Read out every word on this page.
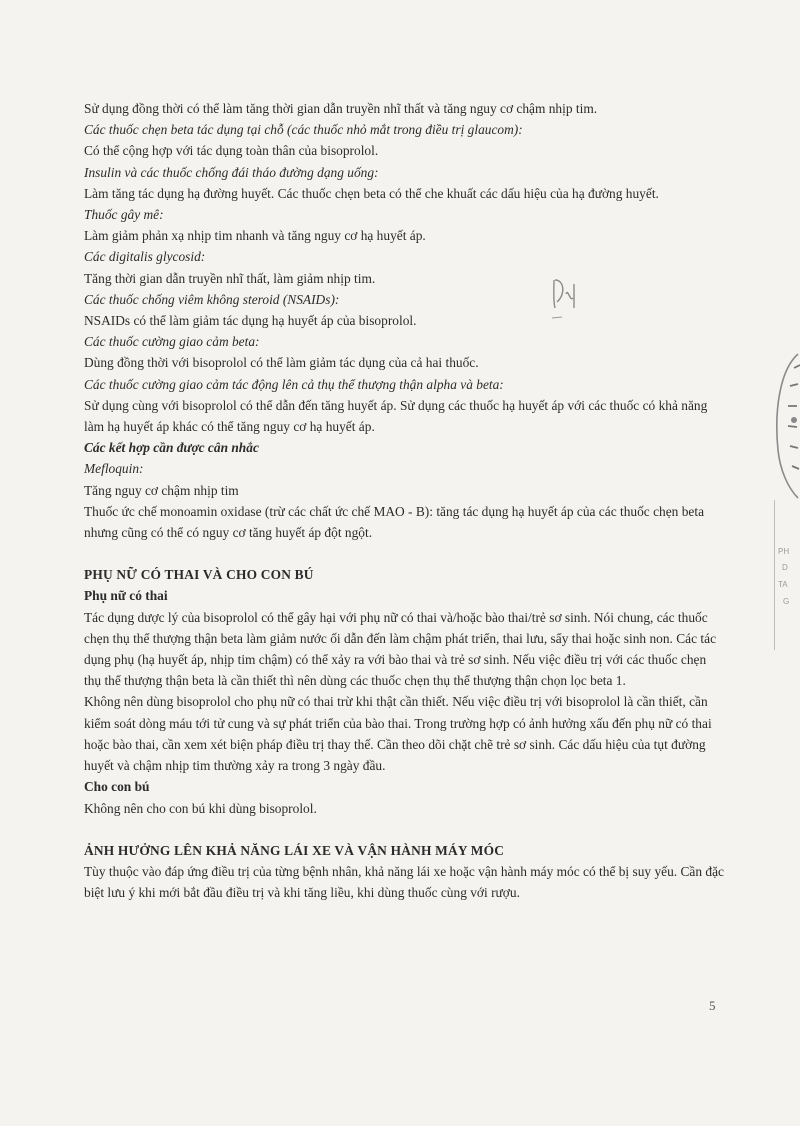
Sử dụng đồng thời có thể làm tăng thời gian dẫn truyền nhĩ thất và tăng nguy cơ chậm nhịp tim.

Các thuốc chẹn beta tác dụng tại chỗ (các thuốc nhỏ mắt trong điều trị glaucom):

Có thể cộng hợp với tác dụng toàn thân của bisoprolol.

Insulin và các thuốc chống đái tháo đường dạng uống:

Làm tăng tác dụng hạ đường huyết. Các thuốc chẹn beta có thể che khuất các dấu hiệu của hạ đường huyết.

Thuốc gây mê:

Làm giảm phản xạ nhịp tim nhanh và tăng nguy cơ hạ huyết áp.

Các digitalis glycosid:

Tăng thời gian dẫn truyền nhĩ thất, làm giảm nhịp tim.

Các thuốc chống viêm không steroid (NSAIDs):

NSAIDs có thể làm giảm tác dụng hạ huyết áp của bisoprolol.

Các thuốc cường giao cảm beta:

Dùng đồng thời với bisoprolol có thể làm giảm tác dụng của cả hai thuốc.

Các thuốc cường giao cảm tác động lên cả thụ thể thượng thận alpha và beta:

Sử dụng cùng với bisoprolol có thể dẫn đến tăng huyết áp. Sử dụng các thuốc hạ huyết áp với các thuốc có khả năng làm hạ huyết áp khác có thể tăng nguy cơ hạ huyết áp.

Các kết hợp cần được cân nhắc

Mefloquin:

Tăng nguy cơ chậm nhịp tim

Thuốc ức chế monoamin oxidase (trừ các chất ức chế MAO - B): tăng tác dụng hạ huyết áp của các thuốc chẹn beta nhưng cũng có thể có nguy cơ tăng huyết áp đột ngột.

PHỤ NỮ CÓ THAI VÀ CHO CON BÚ

Phụ nữ có thai

Tác dụng dược lý của bisoprolol có thể gây hại với phụ nữ có thai và/hoặc bào thai/trẻ sơ sinh. Nói chung, các thuốc chẹn thụ thể thượng thận beta làm giảm nước ối dẫn đến làm chậm phát triển, thai lưu, sẩy thai hoặc sinh non. Các tác dụng phụ (hạ huyết áp, nhịp tim chậm) có thể xảy ra với bào thai và trẻ sơ sinh. Nếu việc điều trị với các thuốc chẹn thụ thể thượng thận beta là cần thiết thì nên dùng các thuốc chẹn thụ thể thượng thận chọn lọc beta 1.

Không nên dùng bisoprolol cho phụ nữ có thai trừ khi thật cần thiết. Nếu việc điều trị với bisoprolol là cần thiết, cần kiểm soát dòng máu tới tử cung và sự phát triển của bào thai. Trong trường hợp có ảnh hưởng xấu đến phụ nữ có thai hoặc bào thai, cần xem xét biện pháp điều trị thay thế. Cần theo dõi chặt chẽ trẻ sơ sinh. Các dấu hiệu của tụt đường huyết và chậm nhịp tim thường xảy ra trong 3 ngày đầu.

Cho con bú

Không nên cho con bú khi dùng bisoprolol.

ẢNH HƯỞNG LÊN KHẢ NĂNG LÁI XE VÀ VẬN HÀNH MÁY MÓC

Tùy thuộc vào đáp ứng điều trị của từng bệnh nhân, khả năng lái xe hoặc vận hành máy móc có thể bị suy yếu. Cần đặc biệt lưu ý khi mới bắt đầu điều trị và khi tăng liều, khi dùng thuốc cùng với rượu.

5
PH
D
TA
G
